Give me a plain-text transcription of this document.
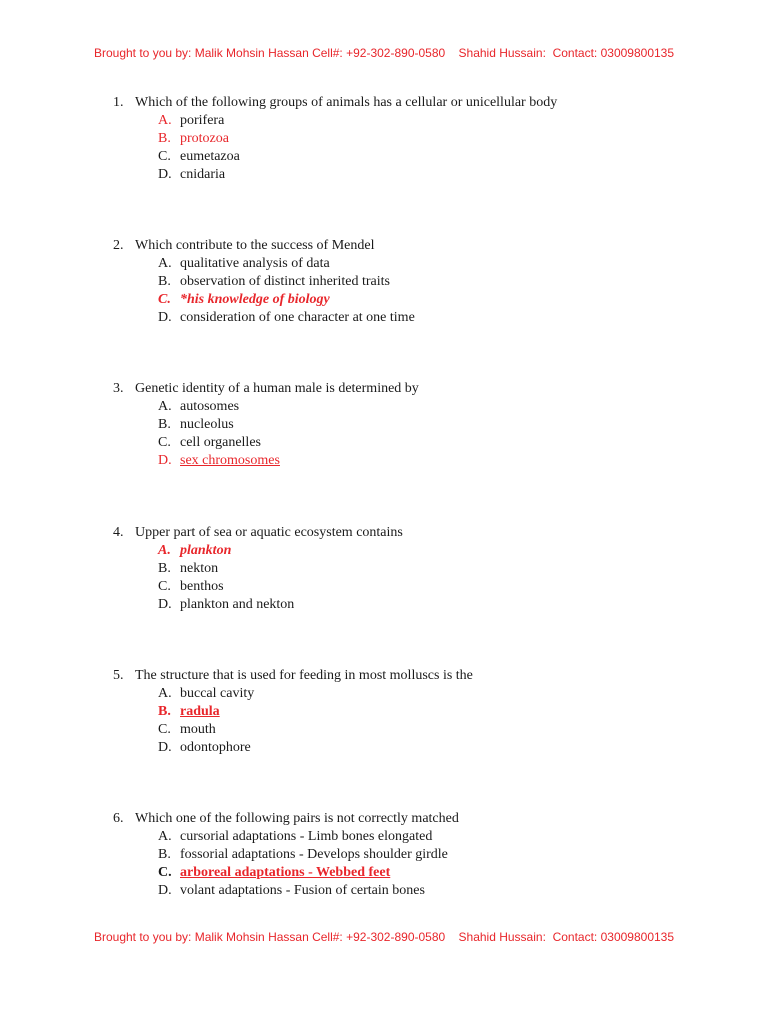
Brought to you by: Malik Mohsin Hassan Cell#: +92-302-890-0580    Shahid Hussain:  Contact: 03009800135
1. Which of the following groups of animals has a cellular or unicellular body
A. porifera
B. protozoa
C. eumetazoa
D. cnidaria
2. Which contribute to the success of Mendel
A. qualitative analysis of data
B. observation of distinct inherited traits
C. *his knowledge of biology
D. consideration of one character at one time
3. Genetic identity of a human male is determined by
A. autosomes
B. nucleolus
C. cell organelles
D. sex chromosomes
4. Upper part of sea or aquatic ecosystem contains
A. plankton
B. nekton
C. benthos
D. plankton and nekton
5. The structure that is used for feeding in most molluscs is the
A. buccal cavity
B. radula
C. mouth
D. odontophore
6. Which one of the following pairs is not correctly matched
A. cursorial adaptations - Limb bones elongated
B. fossorial adaptations - Develops shoulder girdle
C. arboreal adaptations - Webbed feet
D. volant adaptations - Fusion of certain bones
Brought to you by: Malik Mohsin Hassan Cell#: +92-302-890-0580    Shahid Hussain:  Contact: 03009800135
